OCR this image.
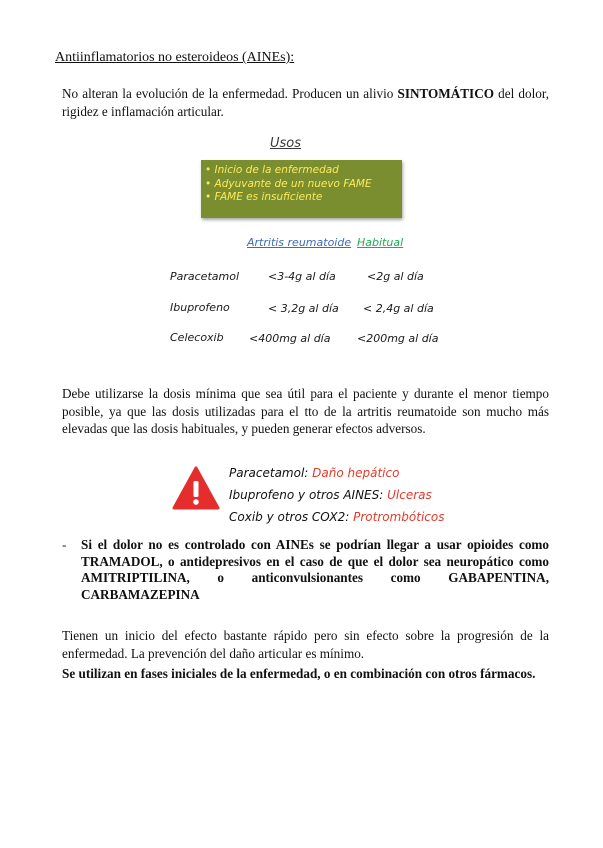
Antiinflamatorios no esteroideos (AINEs):
No alteran la evolución de la enfermedad. Producen un alivio SINTOMÁTICO del dolor, rigidez e inflamación articular.
Usos
• Inicio de la enfermedad
• Adyuvante de un nuevo FAME
• FAME es insuficiente
Artritis reumatoide Habitual
Paracetamol	<3-4g al día	<2g al día
Ibuprofeno	< 3,2g al día < 2,4g al día
Celecoxib <400mg al día <200mg al día
Debe utilizarse la dosis mínima que sea útil para el paciente y durante el menor tiempo posible, ya que las dosis utilizadas para el tto de la artritis reumatoide son mucho más elevadas que las dosis habituales, y pueden generar efectos adversos.
Paracetamol: Daño hepático
Ibuprofeno y otros AINES: Ulceras
Coxib y otros COX2: Protrombóticos
- Si el dolor no es controlado con AINEs se podrían llegar a usar opioides como
TRAMADOL, o antidepresivos en el caso de que el dolor sea neuropático como
AMITRIPTILINA, o anticonvulsionantes como GABAPENTINA,
CARBAMAZEPINA
Tienen un inicio del efecto bastante rápido pero sin efecto sobre la progresión de la enfermedad. La prevención del daño articular es mínimo.
Se utilizan en fases iniciales de la enfermedad, o en combinación con otros fármacos.
